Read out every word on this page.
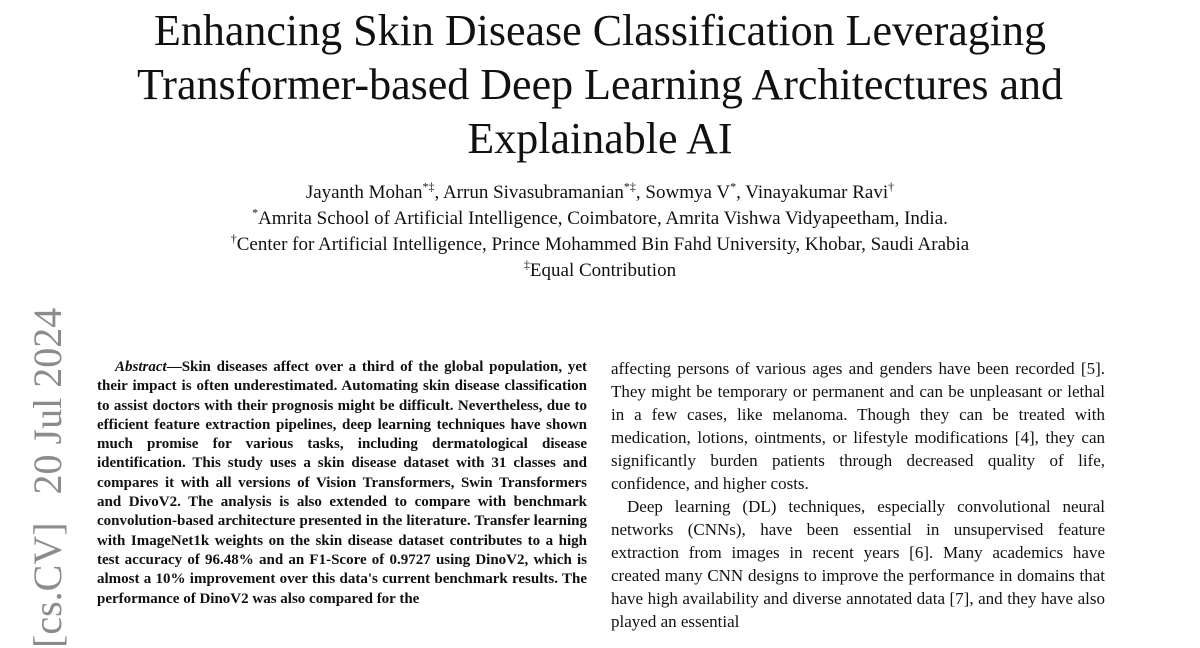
Enhancing Skin Disease Classification Leveraging
Transformer-based Deep Learning Architectures and
Explainable AI
Jayanth Mohan*‡, Arrun Sivasubramanian*‡, Sowmya V*, Vinayakumar Ravi†
*Amrita School of Artificial Intelligence, Coimbatore, Amrita Vishwa Vidyapeetham, India.
†Center for Artificial Intelligence, Prince Mohammed Bin Fahd University, Khobar, Saudi Arabia
‡Equal Contribution
[cs.CV]20 Jul 2024	Abstract—Skin diseases affect over a third of the global population, yet their impact is often underestimated. Automating skin disease classification to assist doctors with their prognosis might be difficult. Nevertheless, due to efficient feature extraction pipelines, deep learning techniques have shown much promise for various tasks, including dermatological disease identification. This study uses a skin disease dataset with 31 classes and compares it with all versions of Vision Transformers, Swin Transformers and DivoV2. The analysis is also extended to compare with benchmark convolution-based architecture presented in the literature. Transfer learning with ImageNet1k weights on the skin disease dataset contributes to a high test accuracy of 96.48% and an F1-Score of 0.9727 using DinoV2, which is almost a 10% improvement over this data's current benchmark results. The performance of DinoV2 was also compared for the

affecting persons of various ages and genders have been recorded [5]. They might be temporary or permanent and can be unpleasant or lethal in a few cases, like melanoma. Though they can be treated with medication, lotions, ointments, or lifestyle modifications [4], they can significantly burden patients through decreased quality of life, confidence, and higher costs.

Deep learning (DL) techniques, especially convolutional neural networks (CNNs), have been essential in unsupervised feature extraction from images in recent years [6]. Many academics have created many CNN designs to improve the performance in domains that have high availability and diverse annotated data [7], and they have also played an essential
